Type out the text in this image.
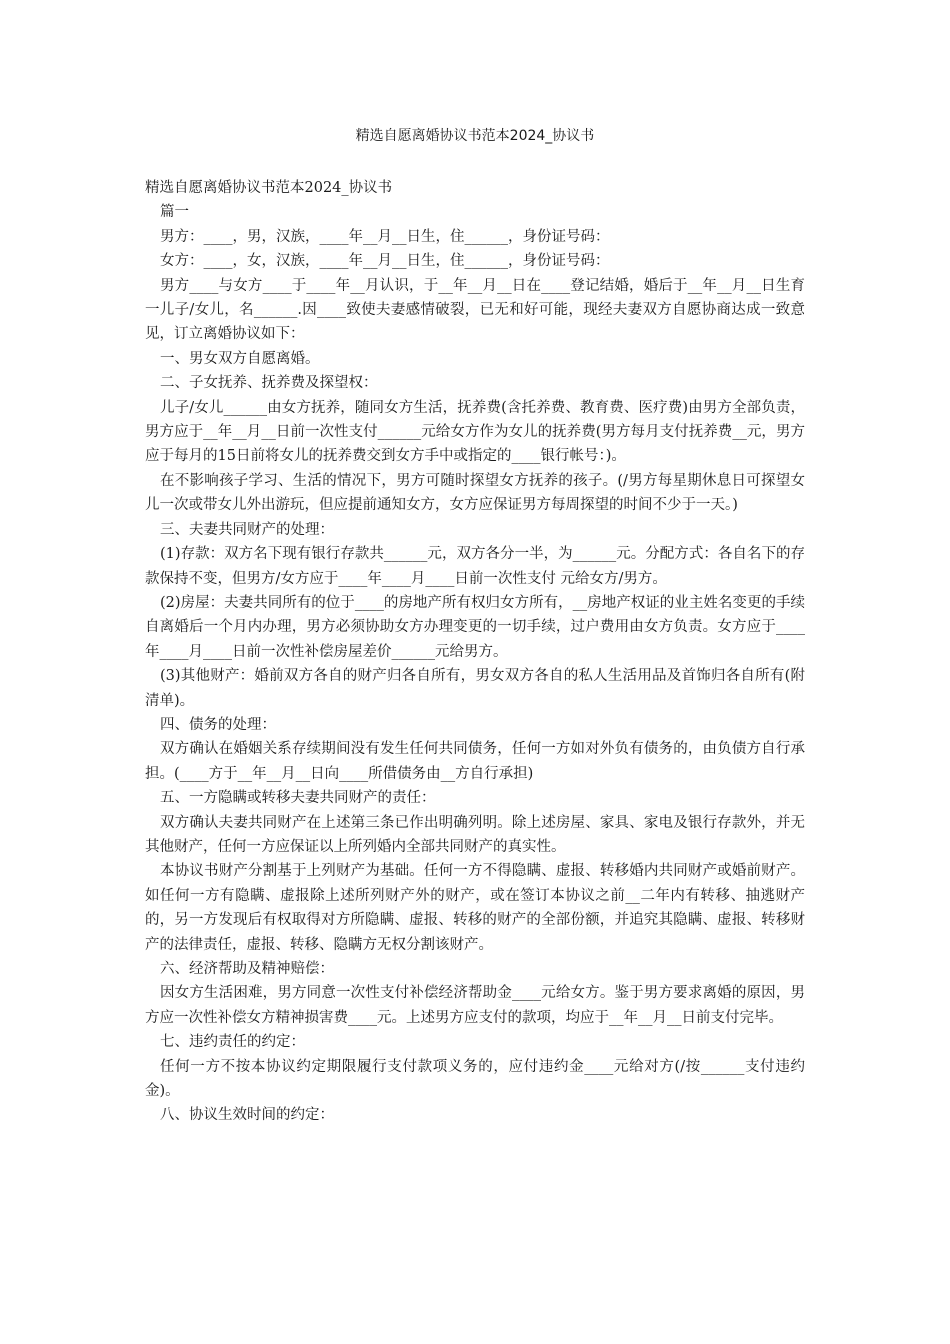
精选自愿离婚协议书范本2024_协议书

精选自愿离婚协议书范本2024_协议书

篇一

男方：____，男，汉族，____年__月__日生，住______，身份证号码：

女方：____，女，汉族，____年__月__日生，住______，身份证号码：

男方____与女方____于____年__月认识，于__年__月__日在____登记结婚，婚后于__年__月__日生育一儿子/女儿，名______.因____致使夫妻感情破裂，已无和好可能，现经夫妻双方自愿协商达成一致意见，订立离婚协议如下：

一、男女双方自愿离婚。

二、子女抚养、抚养费及探望权：

儿子/女儿______由女方抚养，随同女方生活，抚养费(含托养费、教育费、医疗费)由男方全部负责，男方应于__年__月__日前一次性支付______元给女方作为女儿的抚养费(男方每月支付抚养费__元，男方应于每月的15日前将女儿的抚养费交到女方手中或指定的____银行帐号：)。

在不影响孩子学习、生活的情况下，男方可随时探望女方抚养的孩子。(/男方每星期休息日可探望女儿一次或带女儿外出游玩，但应提前通知女方，女方应保证男方每周探望的时间不少于一天。)

三、夫妻共同财产的处理：

(1)存款：双方名下现有银行存款共______元，双方各分一半，为______元。分配方式：各自名下的存款保持不变，但男方/女方应于____年____月____日前一次性支付 元给女方/男方。

(2)房屋：夫妻共同所有的位于____的房地产所有权归女方所有，__房地产权证的业主姓名变更的手续自离婚后一个月内办理，男方必须协助女方办理变更的一切手续，过户费用由女方负责。女方应于____年____月____日前一次性补偿房屋差价______元给男方。

(3)其他财产：婚前双方各自的财产归各自所有，男女双方各自的私人生活用品及首饰归各自所有(附清单)。

四、债务的处理：

双方确认在婚姻关系存续期间没有发生任何共同债务，任何一方如对外负有债务的，由负债方自行承担。(____方于__年__月__日向____所借债务由__方自行承担)

五、一方隐瞒或转移夫妻共同财产的责任：

双方确认夫妻共同财产在上述第三条已作出明确列明。除上述房屋、家具、家电及银行存款外，并无其他财产，任何一方应保证以上所列婚内全部共同财产的真实性。

本协议书财产分割基于上列财产为基础。任何一方不得隐瞒、虚报、转移婚内共同财产或婚前财产。如任何一方有隐瞒、虚报除上述所列财产外的财产，或在签订本协议之前__二年内有转移、抽逃财产的，另一方发现后有权取得对方所隐瞒、虚报、转移的财产的全部份额，并追究其隐瞒、虚报、转移财产的法律责任，虚报、转移、隐瞒方无权分割该财产。

六、经济帮助及精神赔偿：

因女方生活困难，男方同意一次性支付补偿经济帮助金____元给女方。鉴于男方要求离婚的原因，男方应一次性补偿女方精神损害费____元。上述男方应支付的款项，均应于__年__月__日前支付完毕。

七、违约责任的约定：

任何一方不按本协议约定期限履行支付款项义务的，应付违约金____元给对方(/按______支付违约金)。

八、协议生效时间的约定：
